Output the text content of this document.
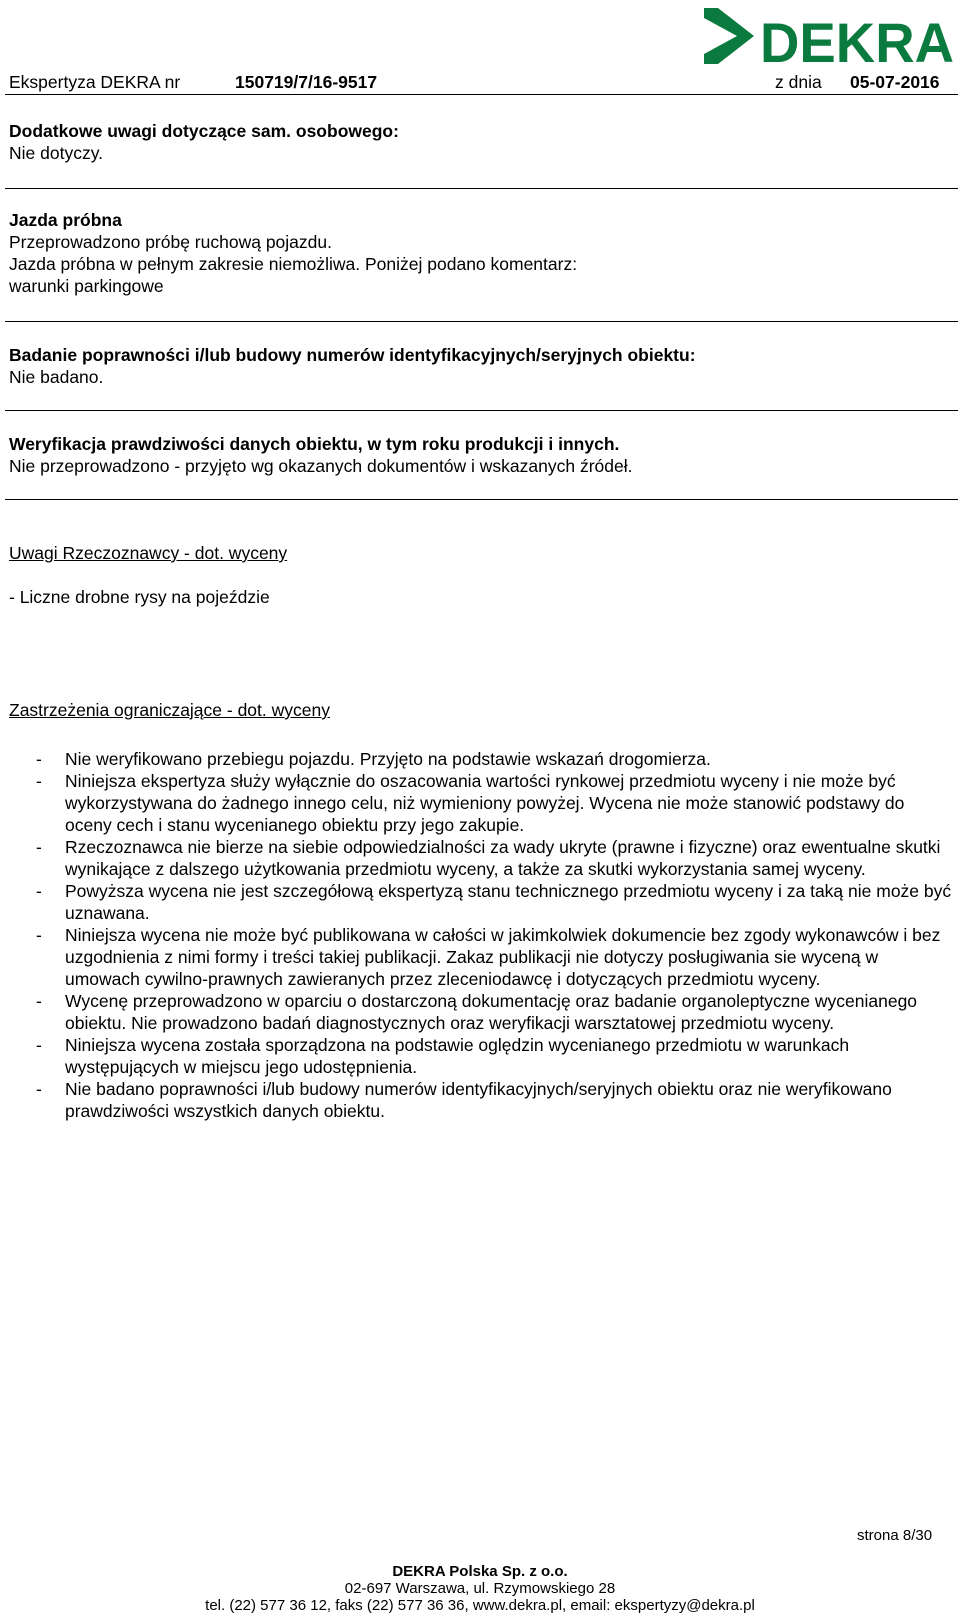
DEKRA
Ekspertyza DEKRA nr	150719/7/16-9517	z dnia 05-07-2016
Dodatkowe uwagi dotyczące sam. osobowego:
Nie dotyczy.
Jazda próbna
Przeprowadzono próbę ruchową pojazdu.
Jazda próbna w pełnym zakresie niemożliwa. Poniżej podano komentarz:
warunki parkingowe
Badanie poprawności i/lub budowy numerów identyfikacyjnych/seryjnych obiektu:
Nie badano.
Weryfikacja prawdziwości danych obiektu, w tym roku produkcji i innych.
Nie przeprowadzono - przyjęto wg okazanych dokumentów i wskazanych źródeł.
Uwagi Rzeczoznawcy - dot. wyceny
- Liczne drobne rysy na pojeździe
Zastrzeżenia ograniczające - dot. wyceny
- Nie weryfikowano przebiegu pojazdu. Przyjęto na podstawie wskazań drogomierza.
- Niniejsza ekspertyza służy wyłącznie do oszacowania wartości rynkowej przedmiotu wyceny i nie może być wykorzystywana do żadnego innego celu, niż wymieniony powyżej. Wycena nie może stanowić podstawy do oceny cech i stanu wycenianego obiektu przy jego zakupie.
- Rzeczoznawca nie bierze na siebie odpowiedzialności za wady ukryte (prawne i fizyczne) oraz ewentualne skutki wynikające z dalszego użytkowania przedmiotu wyceny, a także za skutki wykorzystania samej wyceny.
- Powyższa wycena nie jest szczegółową ekspertyzą stanu technicznego przedmiotu wyceny i za taką nie może być uznawana.
- Niniejsza wycena nie może być publikowana w całości w jakimkolwiek dokumencie bez zgody wykonawców i bez uzgodnienia z nimi formy i treści takiej publikacji. Zakaz publikacji nie dotyczy posługiwania sie wyceną w umowach cywilno-prawnych zawieranych przez zleceniodawcę i dotyczących przedmiotu wyceny.
- Wycenę przeprowadzono w oparciu o dostarczoną dokumentację oraz badanie organoleptyczne wycenianego obiektu. Nie prowadzono badań diagnostycznych oraz weryfikacji warsztatowej przedmiotu wyceny.
- Niniejsza wycena została sporządzona na podstawie oględzin wycenianego przedmiotu w warunkach występujących w miejscu jego udostępnienia.
- Nie badano poprawności i/lub budowy numerów identyfikacyjnych/seryjnych obiektu oraz nie weryfikowano prawdziwości wszystkich danych obiektu.
strona 8/30
DEKRA Polska Sp. z o.o.
02-697 Warszawa, ul. Rzymowskiego 28
tel. (22) 577 36 12, faks (22) 577 36 36, www.dekra.pl, email: ekspertyzy@dekra.pl
